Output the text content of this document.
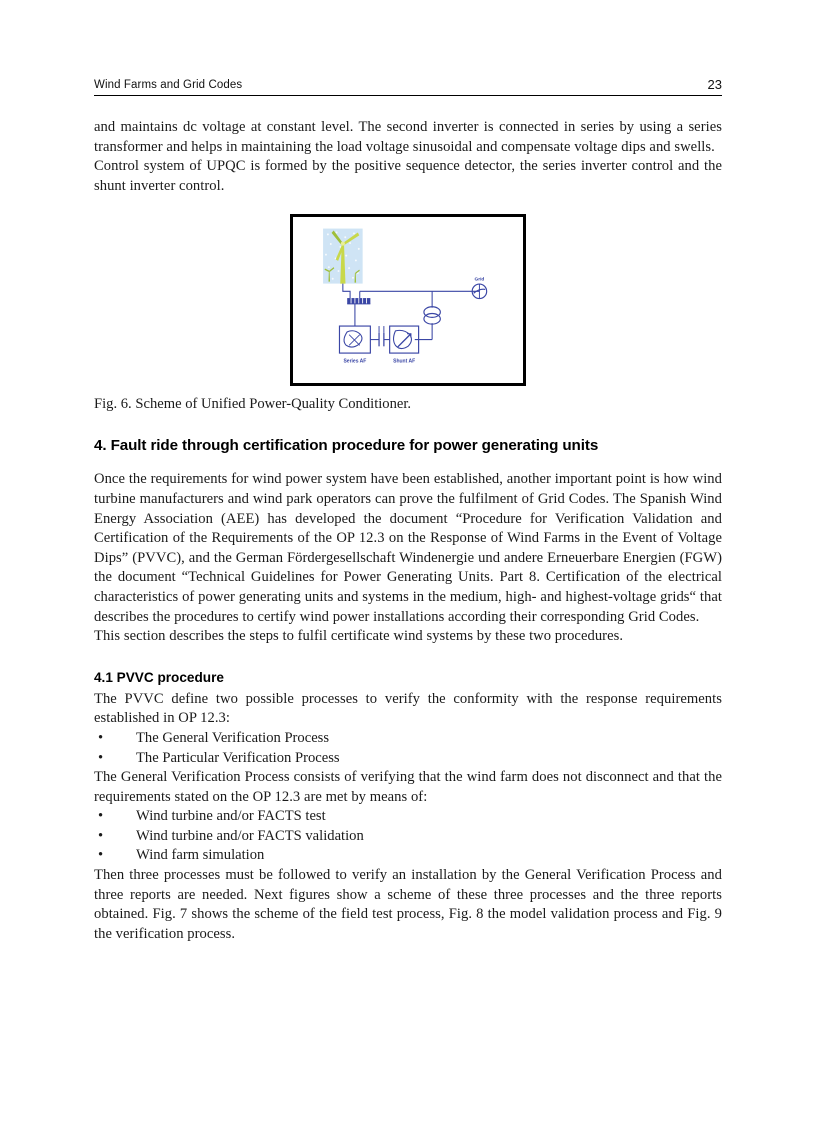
Wind Farms and Grid Codes	23

and maintains dc voltage at constant level. The second inverter is connected in series by using a series transformer and helps in maintaining the load voltage sinusoidal and compensate voltage dips and swells.

Control system of UPQC is formed by the positive sequence detector, the series inverter control and the shunt inverter control.

Grid
Series AF	Shunt AF
Fig. 6. Scheme of Unified Power-Quality Conditioner.
4. Fault ride through certification procedure for power generating units

Once the requirements for wind power system have been established, another important point is how wind turbine manufacturers and wind park operators can prove the fulfilment of Grid Codes. The Spanish Wind Energy Association (AEE) has developed the document “Procedure for Verification Validation and Certification of the Requirements of the OP 12.3 on the Response of Wind Farms in the Event of Voltage Dips” (PVVC), and the German Fördergesellschaft Windenergie und andere Erneuerbare Energien (FGW) the document “Technical Guidelines for Power Generating Units. Part 8. Certification of the electrical characteristics of power generating units and systems in the medium, high- and highest-voltage grids“ that describes the procedures to certify wind power installations according their corresponding Grid Codes.

This section describes the steps to fulfil certificate wind systems by these two procedures.

4.1 PVVC procedure

The PVVC define two possible processes to verify the conformity with the response requirements established in OP 12.3:

• The General Verification Process
• The Particular Verification Process

The General Verification Process consists of verifying that the wind farm does not disconnect and that the requirements stated on the OP 12.3 are met by means of:

• Wind turbine and/or FACTS test
• Wind turbine and/or FACTS validation
• Wind farm simulation

Then three processes must be followed to verify an installation by the General Verification Process and three reports are needed. Next figures show a scheme of these three processes and the three reports obtained. Fig. 7 shows the scheme of the field test process, Fig. 8 the model validation process and Fig. 9 the verification process.
